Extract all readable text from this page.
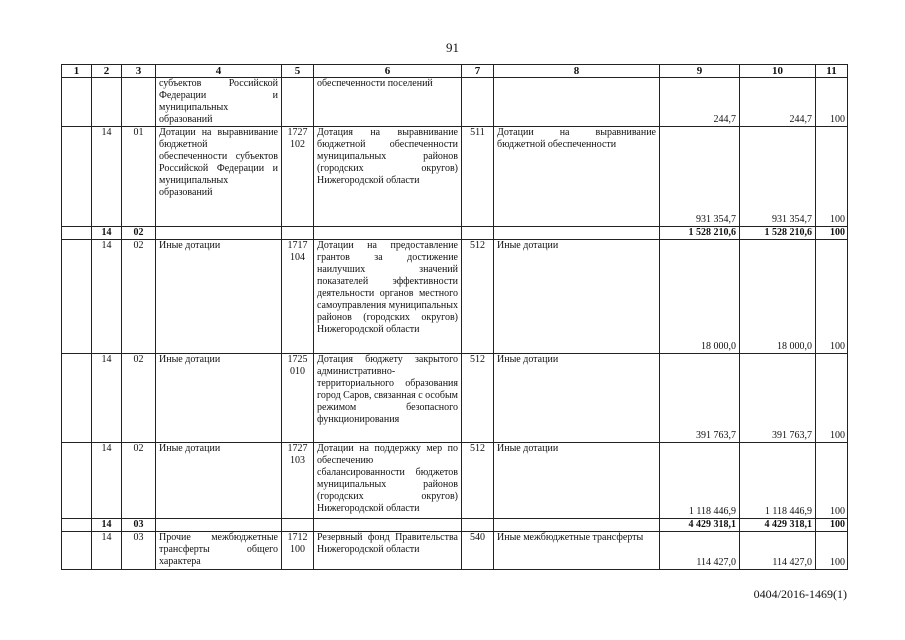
91
1	2	3	4	5	6	7	8	9	10	11
			субъектов Российской Федерации и муниципальных образований		обеспеченности поселений			244,7	244,7	100
	14	01	Дотации на выравнивание бюджетной обеспеченности субъектов Российской Федерации и муниципальных образований	1727 102	Дотация на выравнивание бюджетной обеспеченности муниципальных районов (городских округов) Нижегородской области	511	Дотации на выравнивание бюджетной обеспеченности	931 354,7	931 354,7	100
	14	02						1 528 210,6	1 528 210,6	100
	14	02	Иные дотации	1717 104	Дотации на предоставление грантов за достижение наилучших значений показателей эффективности деятельности органов местного самоуправления муниципальных районов (городских округов) Нижегородской области	512	Иные дотации	18 000,0	18 000,0	100
	14	02	Иные дотации	1725 010	Дотация бюджету закрытого административно-территориального образования город Саров, связанная с особым режимом безопасного функционирования	512	Иные дотации	391 763,7	391 763,7	100
	14	02	Иные дотации	1727 103	Дотации на поддержку мер по обеспечению сбалансированности бюджетов муниципальных районов (городских округов) Нижегородской области	512	Иные дотации	1 118 446,9	1 118 446,9	100
	14	03						4 429 318,1	4 429 318,1	100
	14	03	Прочие межбюджетные трансферты общего характера	1712 100	Резервный фонд Правительства Нижегородской области	540	Иные межбюджетные трансферты	114 427,0	114 427,0	100
0404/2016-1469(1)
